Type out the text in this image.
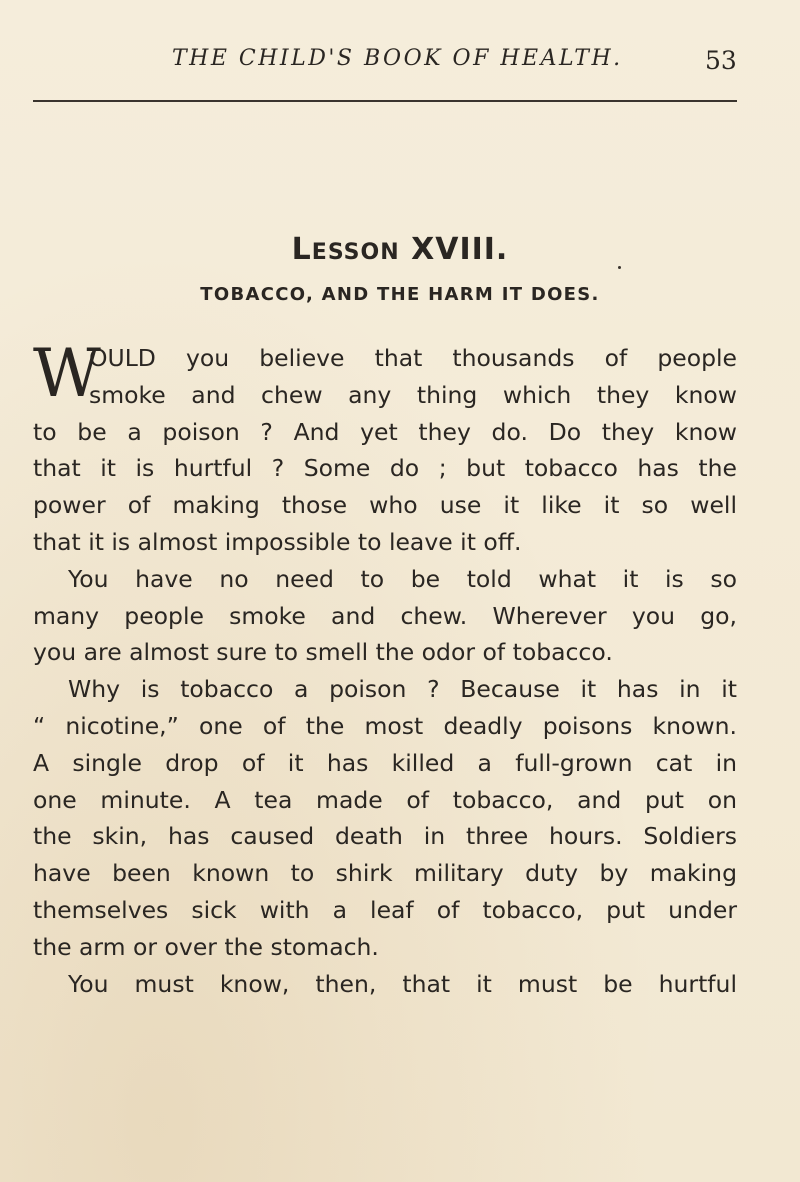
THE CHILD'S BOOK OF HEALTH.	53
LESSON XVIII.
TOBACCO, AND THE HARM IT DOES.
W
OULD you believe that thousands of people
smoke and chew any thing which they know
to be a poison ? And yet they do. Do they know
that it is hurtful ? Some do ; but tobacco has the
power of making those who use it like it so well
that it is almost impossible to leave it off.
You have no need to be told what it is so
many people smoke and chew. Wherever you go,
you are almost sure to smell the odor of tobacco.
Why is tobacco a poison ? Because it has in it
“ nicotine,” one of the most deadly poisons known.
A single drop of it has killed a full-grown cat in
one minute. A tea made of tobacco, and put on
the skin, has caused death in three hours. Soldiers
have been known to shirk military duty by making
themselves sick with a leaf of tobacco, put under
the arm or over the stomach.
You must know, then, that it must be hurtful
